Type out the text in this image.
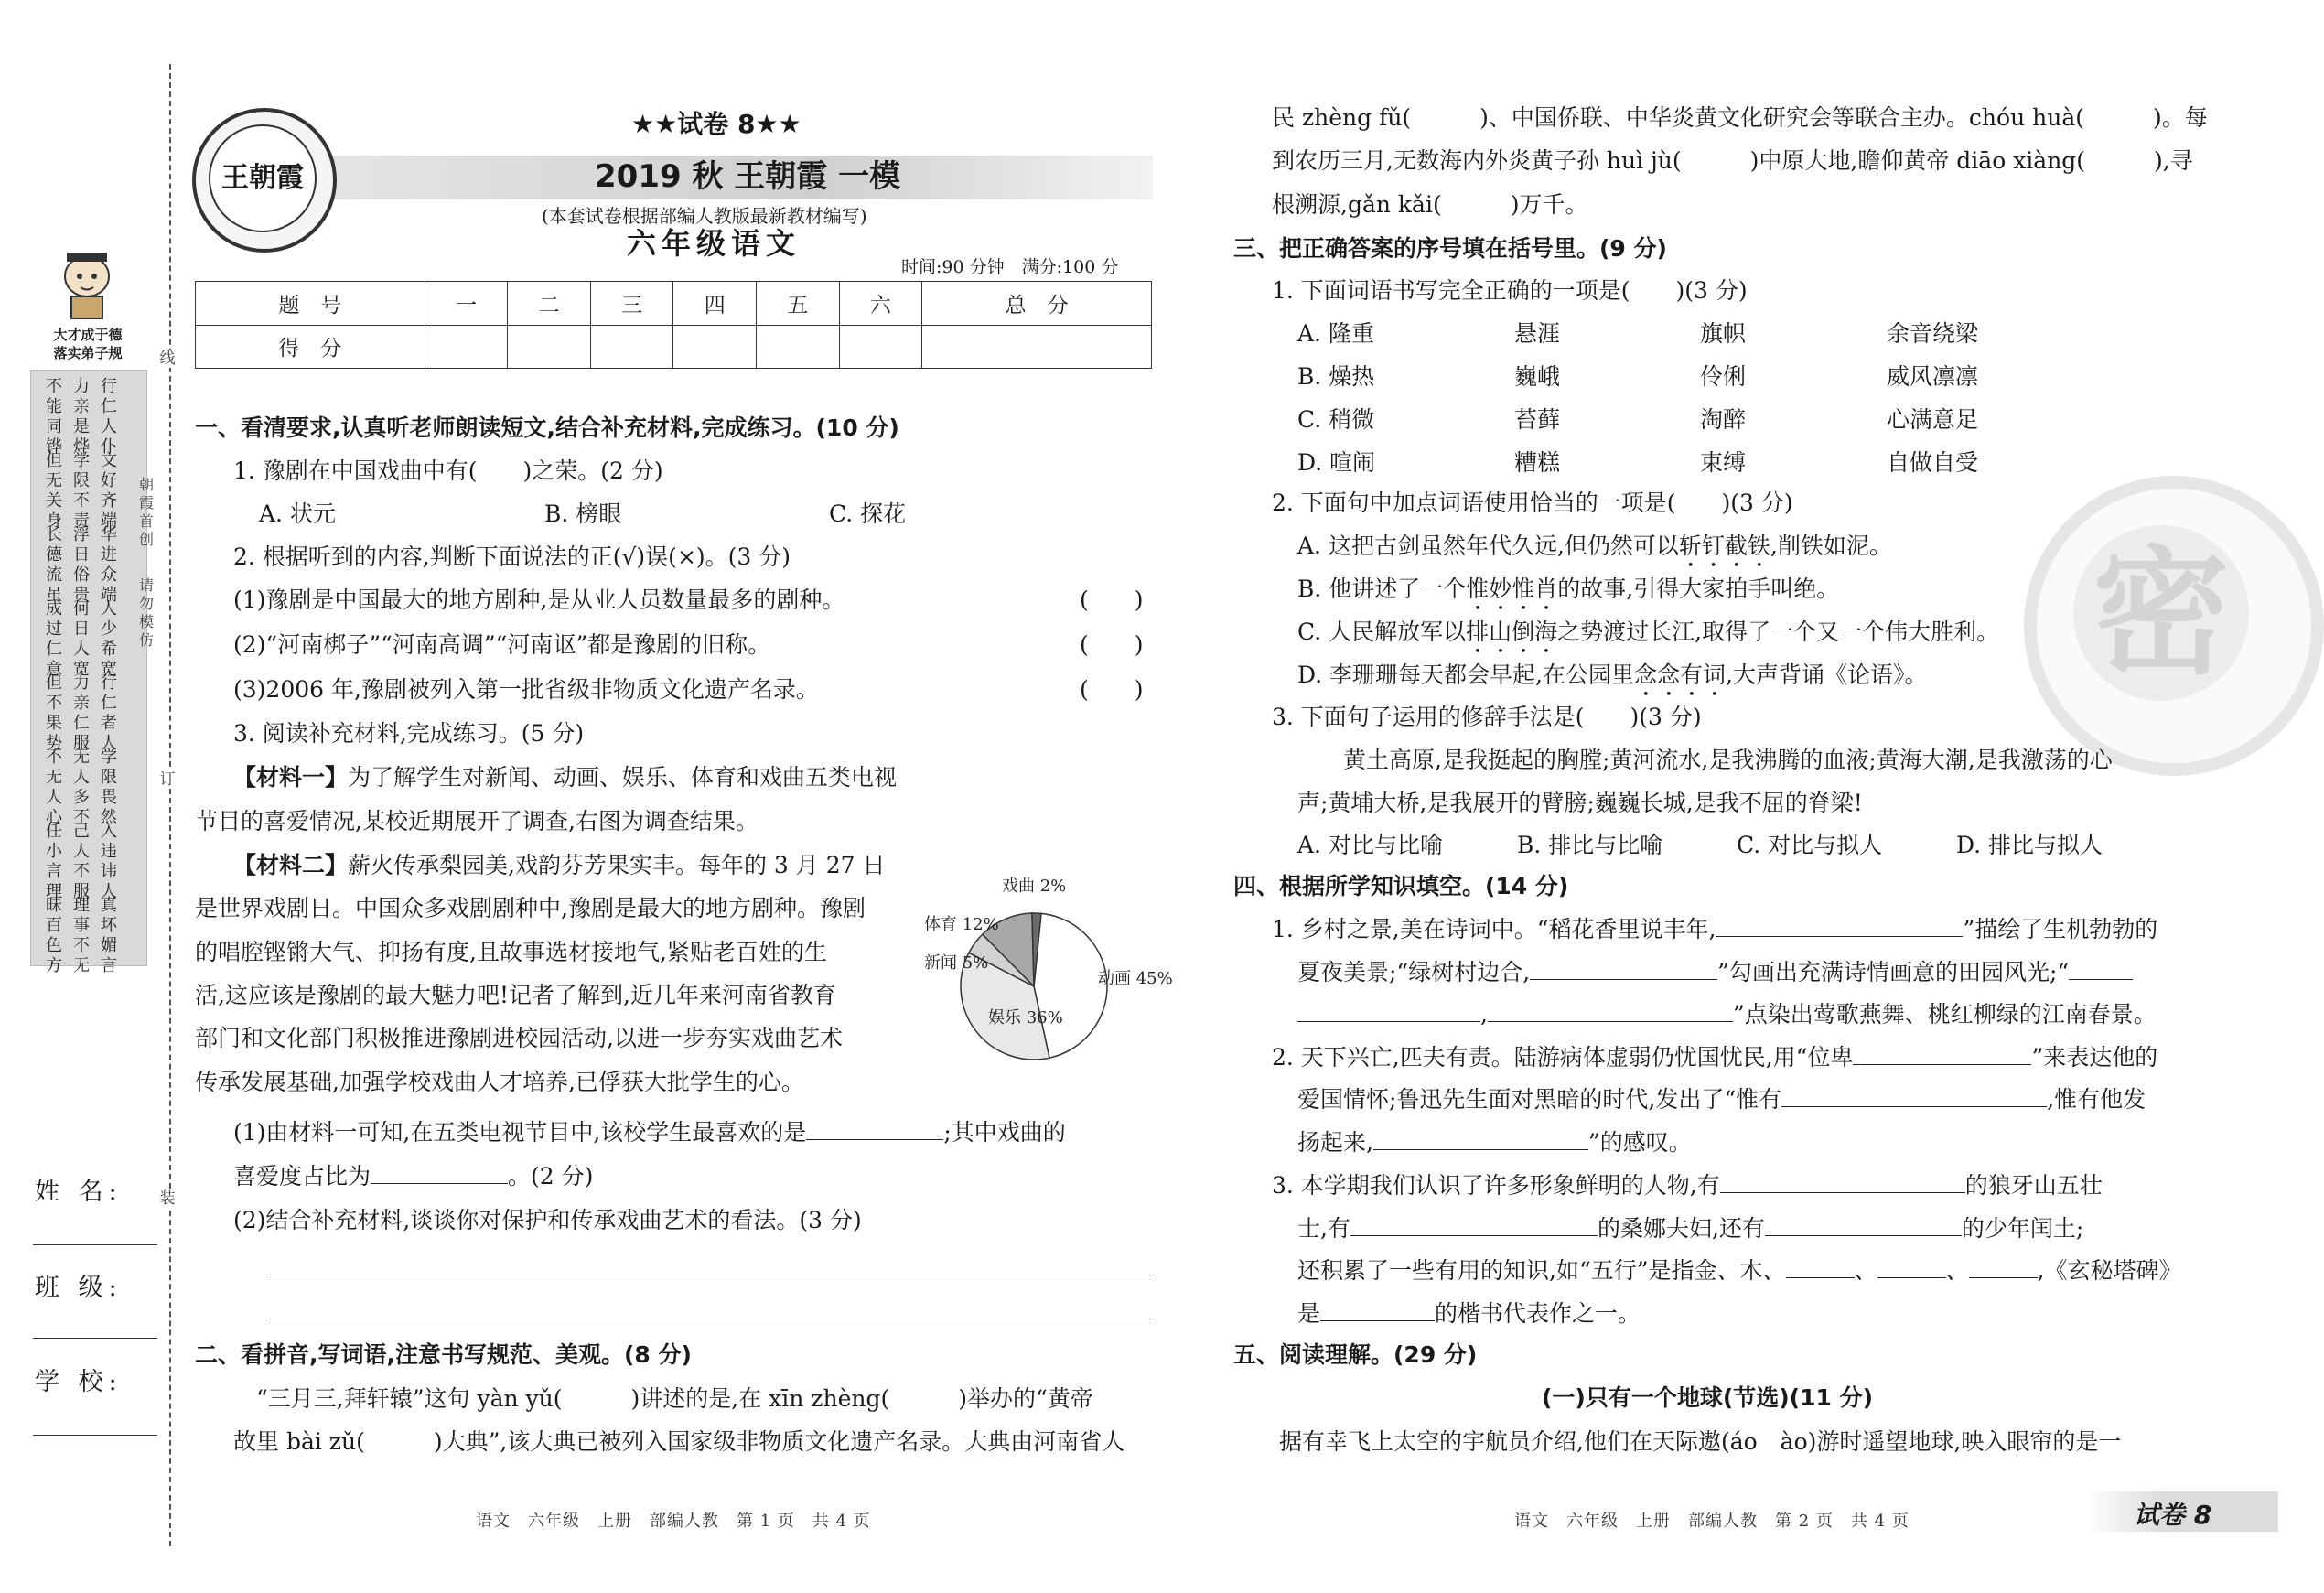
大才成于德
落实弟子规
不
能
同
铧
力
亲
是
烨
行
仁
人
仆
但
无
关
身
学
限
不
责
文
好
齐
端
长
德
流
虽
浮
日
俗
贵
华
进
众
端
成
过
仁
意
何
日
人
宽
人
少
希
宽
但
不
果
势
力
亲
仁
服
行
仁
者
人
不
无
人
心
无
人
多
不
学
限
畏
然
任
小
言
理
己
人
不
服
入
违
讳
人
昧
百
色
方
理
事
不
无
真
坏
媚
言
朝霞首创
请勿模仿
线
订
装
姓 名:
班 级:
学 校:
王朝霞
★★试卷 8★★
2019 秋 王朝霞 一模
(本套试卷根据部编人教版最新教材编写)
六年级语文
时间:90 分钟　满分:100 分
题　号	一	二	三	四	五	六	总　分
得　分							
一、看清要求,认真听老师朗读短文,结合补充材料,完成练习。(10 分)
1. 豫剧在中国戏曲中有(　　)之荣。(2 分)
A. 状元	B. 榜眼	C. 探花
2. 根据听到的内容,判断下面说法的正(√)误(×)。(3 分)
(1)豫剧是中国最大的地方剧种,是从业人员数量最多的剧种。	(　　)
(2)“河南梆子”“河南高调”“河南讴”都是豫剧的旧称。	(　　)
(3)2006 年,豫剧被列入第一批省级非物质文化遗产名录。	(　　)
3. 阅读补充材料,完成练习。(5 分)
【材料一】为了解学生对新闻、动画、娱乐、体育和戏曲五类电视
节目的喜爱情况,某校近期展开了调查,右图为调查结果。
【材料二】薪火传承梨园美,戏韵芬芳果实丰。每年的 3 月 27 日
是世界戏剧日。中国众多戏剧剧种中,豫剧是最大的地方剧种。豫剧
的唱腔铿锵大气、抑扬有度,且故事选材接地气,紧贴老百姓的生
活,这应该是豫剧的最大魅力吧!记者了解到,近几年来河南省教育
部门和文化部门积极推进豫剧进校园活动,以进一步夯实戏曲艺术
传承发展基础,加强学校戏曲人才培养,已俘获大批学生的心。
动画 45%
娱乐 36%
新闻 5%
体育 12%
戏曲 2%
(1)由材料一可知,在五类电视节目中,该校学生最喜欢的是	;其中戏曲的
喜爱度占比为	。(2 分)
(2)结合补充材料,谈谈你对保护和传承戏曲艺术的看法。(3 分)
二、看拼音,写词语,注意书写规范、美观。(8 分)
“三月三,拜轩辕”这句 yàn yǔ(　　　)讲述的是,在 xīn zhèng(　　　)举办的“黄帝
故里 bài zǔ(　　　)大典”,该大典已被列入国家级非物质文化遗产名录。大典由河南省人
语文　六年级　上册　部编人教　第 1 页　共 4 页
密
民 zhèng fǔ(　　　)、中国侨联、中华炎黄文化研究会等联合主办。chóu huà(　　　)。每
到农历三月,无数海内外炎黄子孙 huì jù(　　　)中原大地,瞻仰黄帝 diāo xiàng(　　　),寻
根溯源,gǎn kǎi(　　　)万千。
三、把正确答案的序号填在括号里。(9 分)
1. 下面词语书写完全正确的一项是(　　)(3 分)
A. 隆重	悬涯	旗帜	余音绕梁
B. 燥热	巍峨	伶俐	威风凛凛
C. 稍微	苔藓	淘醉	心满意足
D. 喧闹	糟糕	束缚	自做自受
2. 下面句中加点词语使用恰当的一项是(　　)(3 分)
A. 这把古剑虽然年代久远,但仍然可以斩钉截铁,削铁如泥。
B. 他讲述了一个惟妙惟肖的故事,引得大家拍手叫绝。
C. 人民解放军以排山倒海之势渡过长江,取得了一个又一个伟大胜利。
D. 李珊珊每天都会早起,在公园里念念有词,大声背诵《论语》。
3. 下面句子运用的修辞手法是(　　)(3 分)
黄土高原,是我挺起的胸膛;黄河流水,是我沸腾的血液;黄海大潮,是我激荡的心
声;黄埔大桥,是我展开的臂膀;巍巍长城,是我不屈的脊梁!
A. 对比与比喻	B. 排比与比喻	C. 对比与拟人	D. 排比与拟人
四、根据所学知识填空。(14 分)
1. 乡村之景,美在诗词中。“稻花香里说丰年,	”描绘了生机勃勃的
夏夜美景;“绿树村边合,	”勾画出充满诗情画意的田园风光;“
,	”点染出莺歌燕舞、桃红柳绿的江南春景。
2. 天下兴亡,匹夫有责。陆游病体虚弱仍忧国忧民,用“位卑	”来表达他的
爱国情怀;鲁迅先生面对黑暗的时代,发出了“惟有	,惟有他发
扬起来,	”的感叹。
3. 本学期我们认识了许多形象鲜明的人物,有	的狼牙山五壮
士,有	的桑娜夫妇,还有	的少年闰土;
还积累了一些有用的知识,如“五行”是指金、木、	、	、	,《玄秘塔碑》
是	的楷书代表作之一。
五、阅读理解。(29 分)
(一)只有一个地球(节选)(11 分)
据有幸飞上太空的宇航员介绍,他们在天际遨(áo　ào)游时遥望地球,映入眼帘的是一
语文　六年级　上册　部编人教　第 2 页　共 4 页	试卷 8
